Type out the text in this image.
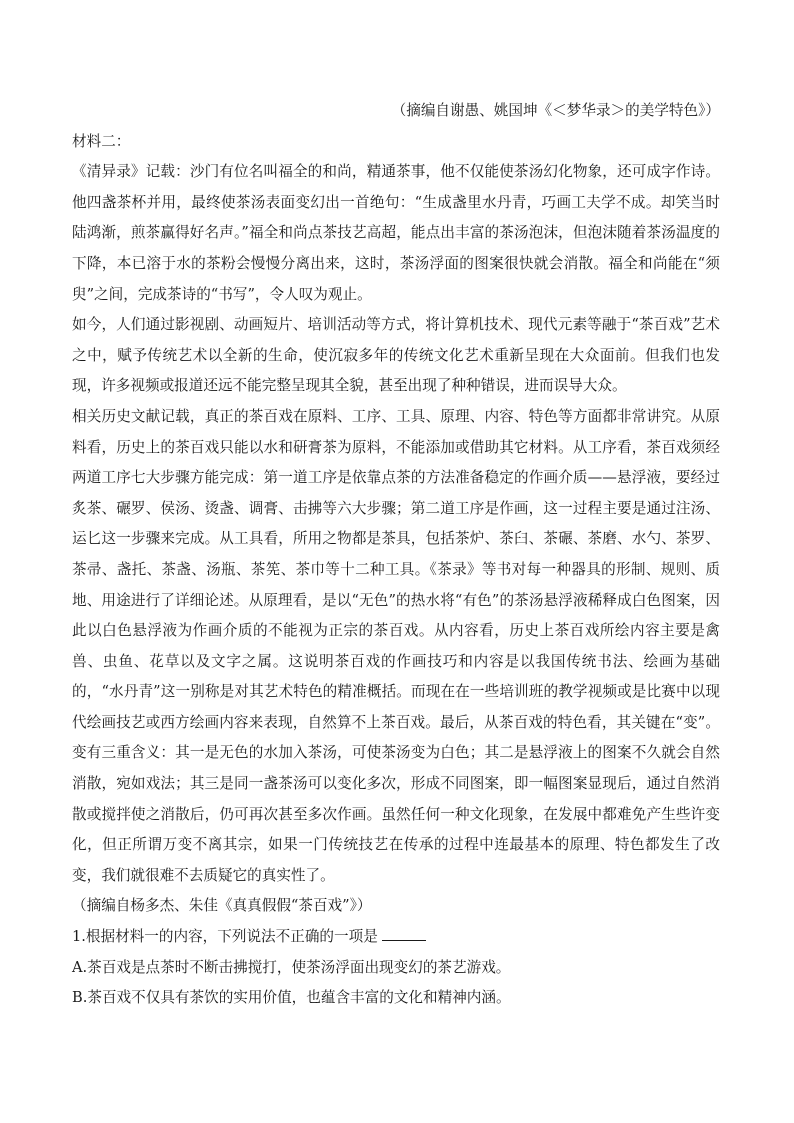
（摘编自谢愚、姚国坤《＜梦华录＞的美学特色》）

材料二：

《清异录》记载：沙门有位名叫福全的和尚，精通茶事，他不仅能使茶汤幻化物象，还可成字作诗。他四盏茶杯并用，最终使茶汤表面变幻出一首绝句：“生成盏里水丹青，巧画工夫学不成。却笑当时陆鸿渐，煎茶赢得好名声。”福全和尚点茶技艺高超，能点出丰富的茶汤泡沫，但泡沫随着茶汤温度的下降，本已溶于水的茶粉会慢慢分离出来，这时，茶汤浮面的图案很快就会消散。福全和尚能在“须臾”之间，完成茶诗的“书写”，令人叹为观止。

如今，人们通过影视剧、动画短片、培训活动等方式，将计算机技术、现代元素等融于“茶百戏”艺术之中，赋予传统艺术以全新的生命，使沉寂多年的传统文化艺术重新呈现在大众面前。但我们也发现，许多视频或报道还远不能完整呈现其全貌，甚至出现了种种错误，进而误导大众。

相关历史文献记载，真正的茶百戏在原料、工序、工具、原理、内容、特色等方面都非常讲究。从原料看，历史上的茶百戏只能以水和研膏茶为原料，不能添加或借助其它材料。从工序看，茶百戏须经两道工序七大步骤方能完成：第一道工序是依靠点茶的方法准备稳定的作画介质——悬浮液，要经过炙茶、碾罗、侯汤、烫盏、调膏、击拂等六大步骤；第二道工序是作画，这一过程主要是通过注汤、运匕这一步骤来完成。从工具看，所用之物都是茶具，包括茶炉、茶臼、茶碾、茶磨、水勺、茶罗、茶帚、盏托、茶盏、汤瓶、茶筅、茶巾等十二种工具。《茶录》等书对每一种器具的形制、规则、质地、用途进行了详细论述。从原理看，是以“无色”的热水将“有色”的茶汤悬浮液稀释成白色图案，因此以白色悬浮液为作画介质的不能视为正宗的茶百戏。从内容看，历史上茶百戏所绘内容主要是禽兽、虫鱼、花草以及文字之属。这说明茶百戏的作画技巧和内容是以我国传统书法、绘画为基础的，“水丹青”这一别称是对其艺术特色的精准概括。而现在在一些培训班的教学视频或是比赛中以现代绘画技艺或西方绘画内容来表现，自然算不上茶百戏。最后，从茶百戏的特色看，其关键在“变”。变有三重含义：其一是无色的水加入茶汤，可使茶汤变为白色；其二是悬浮液上的图案不久就会自然消散，宛如戏法；其三是同一盏茶汤可以变化多次，形成不同图案，即一幅图案显现后，通过自然消散或搅拌使之消散后，仍可再次甚至多次作画。虽然任何一种文化现象，在发展中都难免产生些许变化，但正所谓万变不离其宗，如果一门传统技艺在传承的过程中连最基本的原理、特色都发生了改变，我们就很难不去质疑它的真实性了。

（摘编自杨多杰、朱佳《真真假假“茶百戏”》）

1.根据材料一的内容，下列说法不正确的一项是

A.茶百戏是点茶时不断击拂搅打，使茶汤浮面出现变幻的茶艺游戏。

B.茶百戏不仅具有茶饮的实用价值，也蕴含丰富的文化和精神内涵。
